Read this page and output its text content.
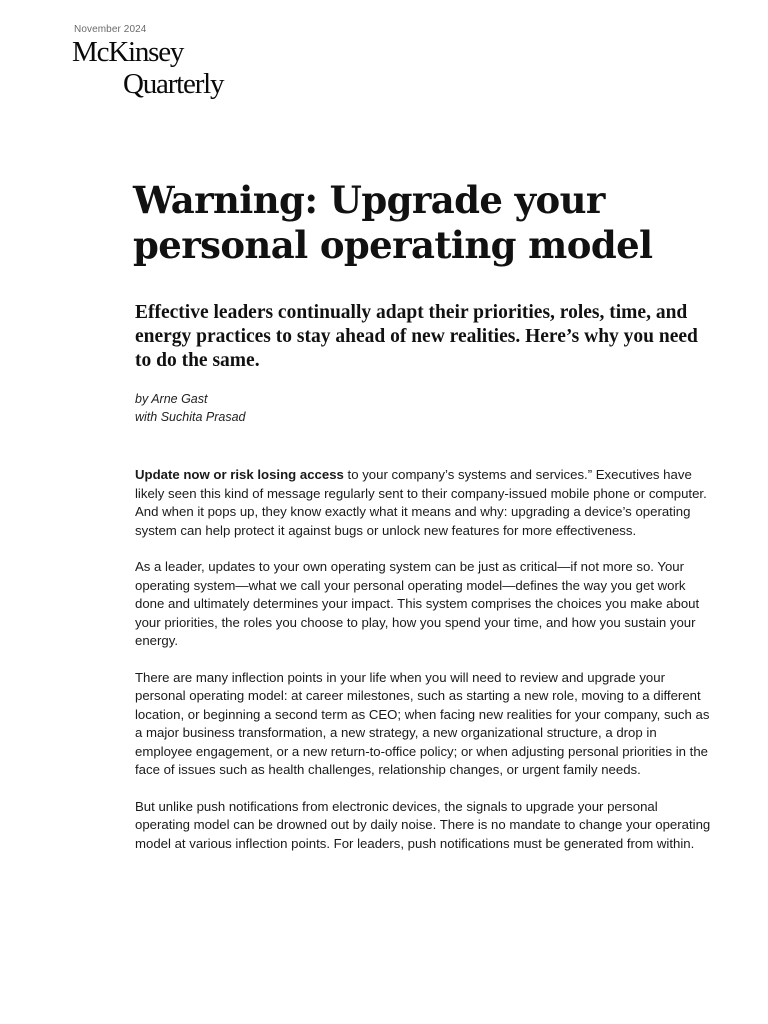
November 2024
McKinsey
Quarterly
Warning: Upgrade your personal operating model

Effective leaders continually adapt their priorities, roles, time, and energy practices to stay ahead of new realities. Here’s why you need to do the same.

by Arne Gast
with Suchita Prasad

Update now or risk losing access to your company’s systems and services.” Executives have likely seen this kind of message regularly sent to their company-issued mobile phone or computer. And when it pops up, they know exactly what it means and why: upgrading a device’s operating system can help protect it against bugs or unlock new features for more effectiveness.

As a leader, updates to your own operating system can be just as critical—if not more so. Your operating system—what we call your personal operating model—defines the way you get work done and ultimately determines your impact. This system comprises the choices you make about your priorities, the roles you choose to play, how you spend your time, and how you sustain your energy.

There are many inflection points in your life when you will need to review and upgrade your personal operating model: at career milestones, such as starting a new role, moving to a different location, or beginning a second term as CEO; when facing new realities for your company, such as a major business transformation, a new strategy, a new organizational structure, a drop in employee engagement, or a new return-to-office policy; or when adjusting personal priorities in the face of issues such as health challenges, relationship changes, or urgent family needs.

But unlike push notifications from electronic devices, the signals to upgrade your personal operating model can be drowned out by daily noise. There is no mandate to change your operating model at various inflection points. For leaders, push notifications must be generated from within.
